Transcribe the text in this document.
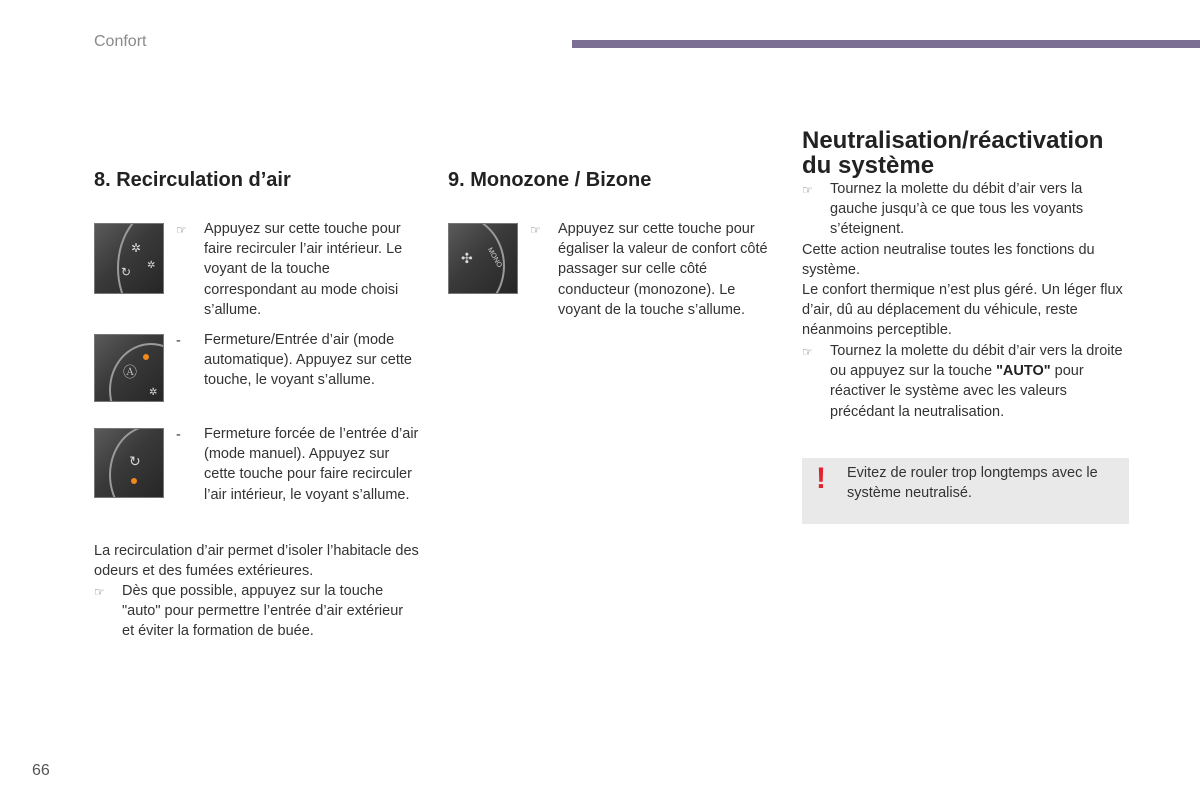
Confort
8. Recirculation d’air
✲
↻ ✲
☞	Appuyez sur cette touche pour faire recirculer l’air intérieur. Le voyant de la touche correspondant au mode choisi s’allume.
Ⓐ
✲
-	Fermeture/Entrée d’air (mode automatique). Appuyez sur cette touche, le voyant s’allume.
↻
-	Fermeture forcée de l’entrée d’air (mode manuel). Appuyez sur cette touche pour faire recirculer l’air intérieur, le voyant s’allume.
La recirculation d’air permet d’isoler l’habitacle des odeurs et des fumées extérieures.
☞	Dès que possible, appuyez sur la touche "auto" pour permettre l’entrée d’air extérieur et éviter la formation de buée.
9. Monozone / Bizone
✣	MONO
☞	Appuyez sur cette touche pour égaliser la valeur de confort côté passager sur celle côté conducteur (monozone). Le voyant de la touche s’allume.
Neutralisation/réactivation du système
☞	Tournez la molette du débit d’air vers la gauche jusqu’à ce que tous les voyants s’éteignent.
Cette action neutralise toutes les fonctions du système.
Le confort thermique n’est plus géré. Un léger flux d’air, dû au déplacement du véhicule, reste néanmoins perceptible.
☞	Tournez la molette du débit d’air vers la droite ou appuyez sur la touche "AUTO" pour réactiver le système avec les valeurs précédant la neutralisation.
! Evitez de rouler trop longtemps avec le système neutralisé.
66
